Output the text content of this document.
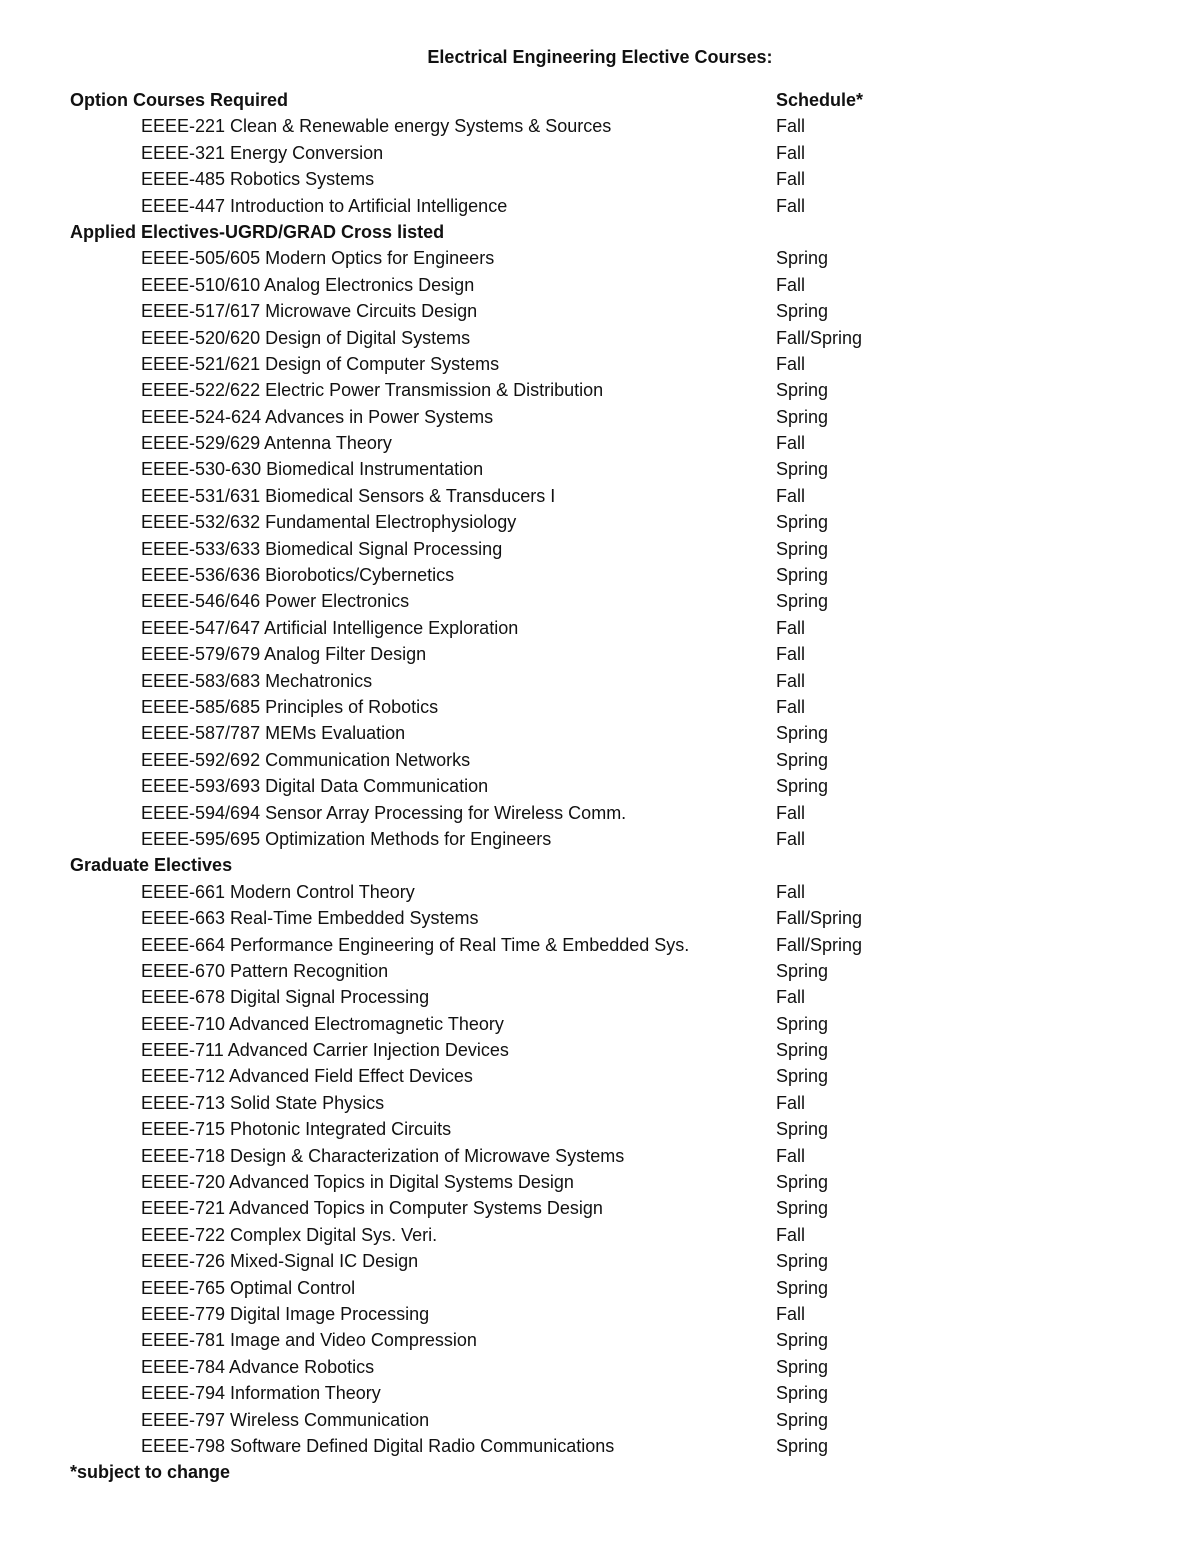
Electrical Engineering Elective Courses:
Option Courses Required	Schedule*
EEEE-221 Clean & Renewable energy Systems & Sources	Fall
EEEE-321 Energy Conversion	Fall
EEEE-485 Robotics Systems	Fall
EEEE-447 Introduction to Artificial Intelligence	Fall
Applied Electives-UGRD/GRAD Cross listed
EEEE-505/605 Modern Optics for Engineers	Spring
EEEE-510/610 Analog Electronics Design	Fall
EEEE-517/617 Microwave Circuits Design	Spring
EEEE-520/620 Design of Digital Systems	Fall/Spring
EEEE-521/621 Design of Computer Systems	Fall
EEEE-522/622 Electric Power Transmission & Distribution	Spring
EEEE-524-624 Advances in Power Systems	Spring
EEEE-529/629 Antenna Theory	Fall
EEEE-530-630 Biomedical Instrumentation	Spring
EEEE-531/631 Biomedical Sensors & Transducers I	Fall
EEEE-532/632 Fundamental Electrophysiology	Spring
EEEE-533/633 Biomedical Signal Processing	Spring
EEEE-536/636 Biorobotics/Cybernetics	Spring
EEEE-546/646 Power Electronics	Spring
EEEE-547/647 Artificial Intelligence Exploration	Fall
EEEE-579/679 Analog Filter Design	Fall
EEEE-583/683 Mechatronics	Fall
EEEE-585/685 Principles of Robotics	Fall
EEEE-587/787 MEMs Evaluation	Spring
EEEE-592/692 Communication Networks	Spring
EEEE-593/693 Digital Data Communication	Spring
EEEE-594/694 Sensor Array Processing for Wireless Comm.	Fall
EEEE-595/695 Optimization Methods for Engineers	Fall
Graduate Electives
EEEE-661 Modern Control Theory	Fall
EEEE-663 Real-Time Embedded Systems	Fall/Spring
EEEE-664 Performance Engineering of Real Time & Embedded Sys.	Fall/Spring
EEEE-670 Pattern Recognition	Spring
EEEE-678 Digital Signal Processing	Fall
EEEE-710 Advanced Electromagnetic Theory	Spring
EEEE-711 Advanced Carrier Injection Devices	Spring
EEEE-712 Advanced Field Effect Devices	Spring
EEEE-713 Solid State Physics	Fall
EEEE-715 Photonic Integrated Circuits	Spring
EEEE-718 Design & Characterization of Microwave Systems	Fall
EEEE-720 Advanced Topics in Digital Systems Design	Spring
EEEE-721 Advanced Topics in Computer Systems Design	Spring
EEEE-722 Complex Digital Sys. Veri.	Fall
EEEE-726 Mixed-Signal IC Design	Spring
EEEE-765 Optimal Control	Spring
EEEE-779 Digital Image Processing	Fall
EEEE-781 Image and Video Compression	Spring
EEEE-784 Advance Robotics	Spring
EEEE-794 Information Theory	Spring
EEEE-797 Wireless Communication	Spring
EEEE-798 Software Defined Digital Radio Communications	Spring
*subject to change
